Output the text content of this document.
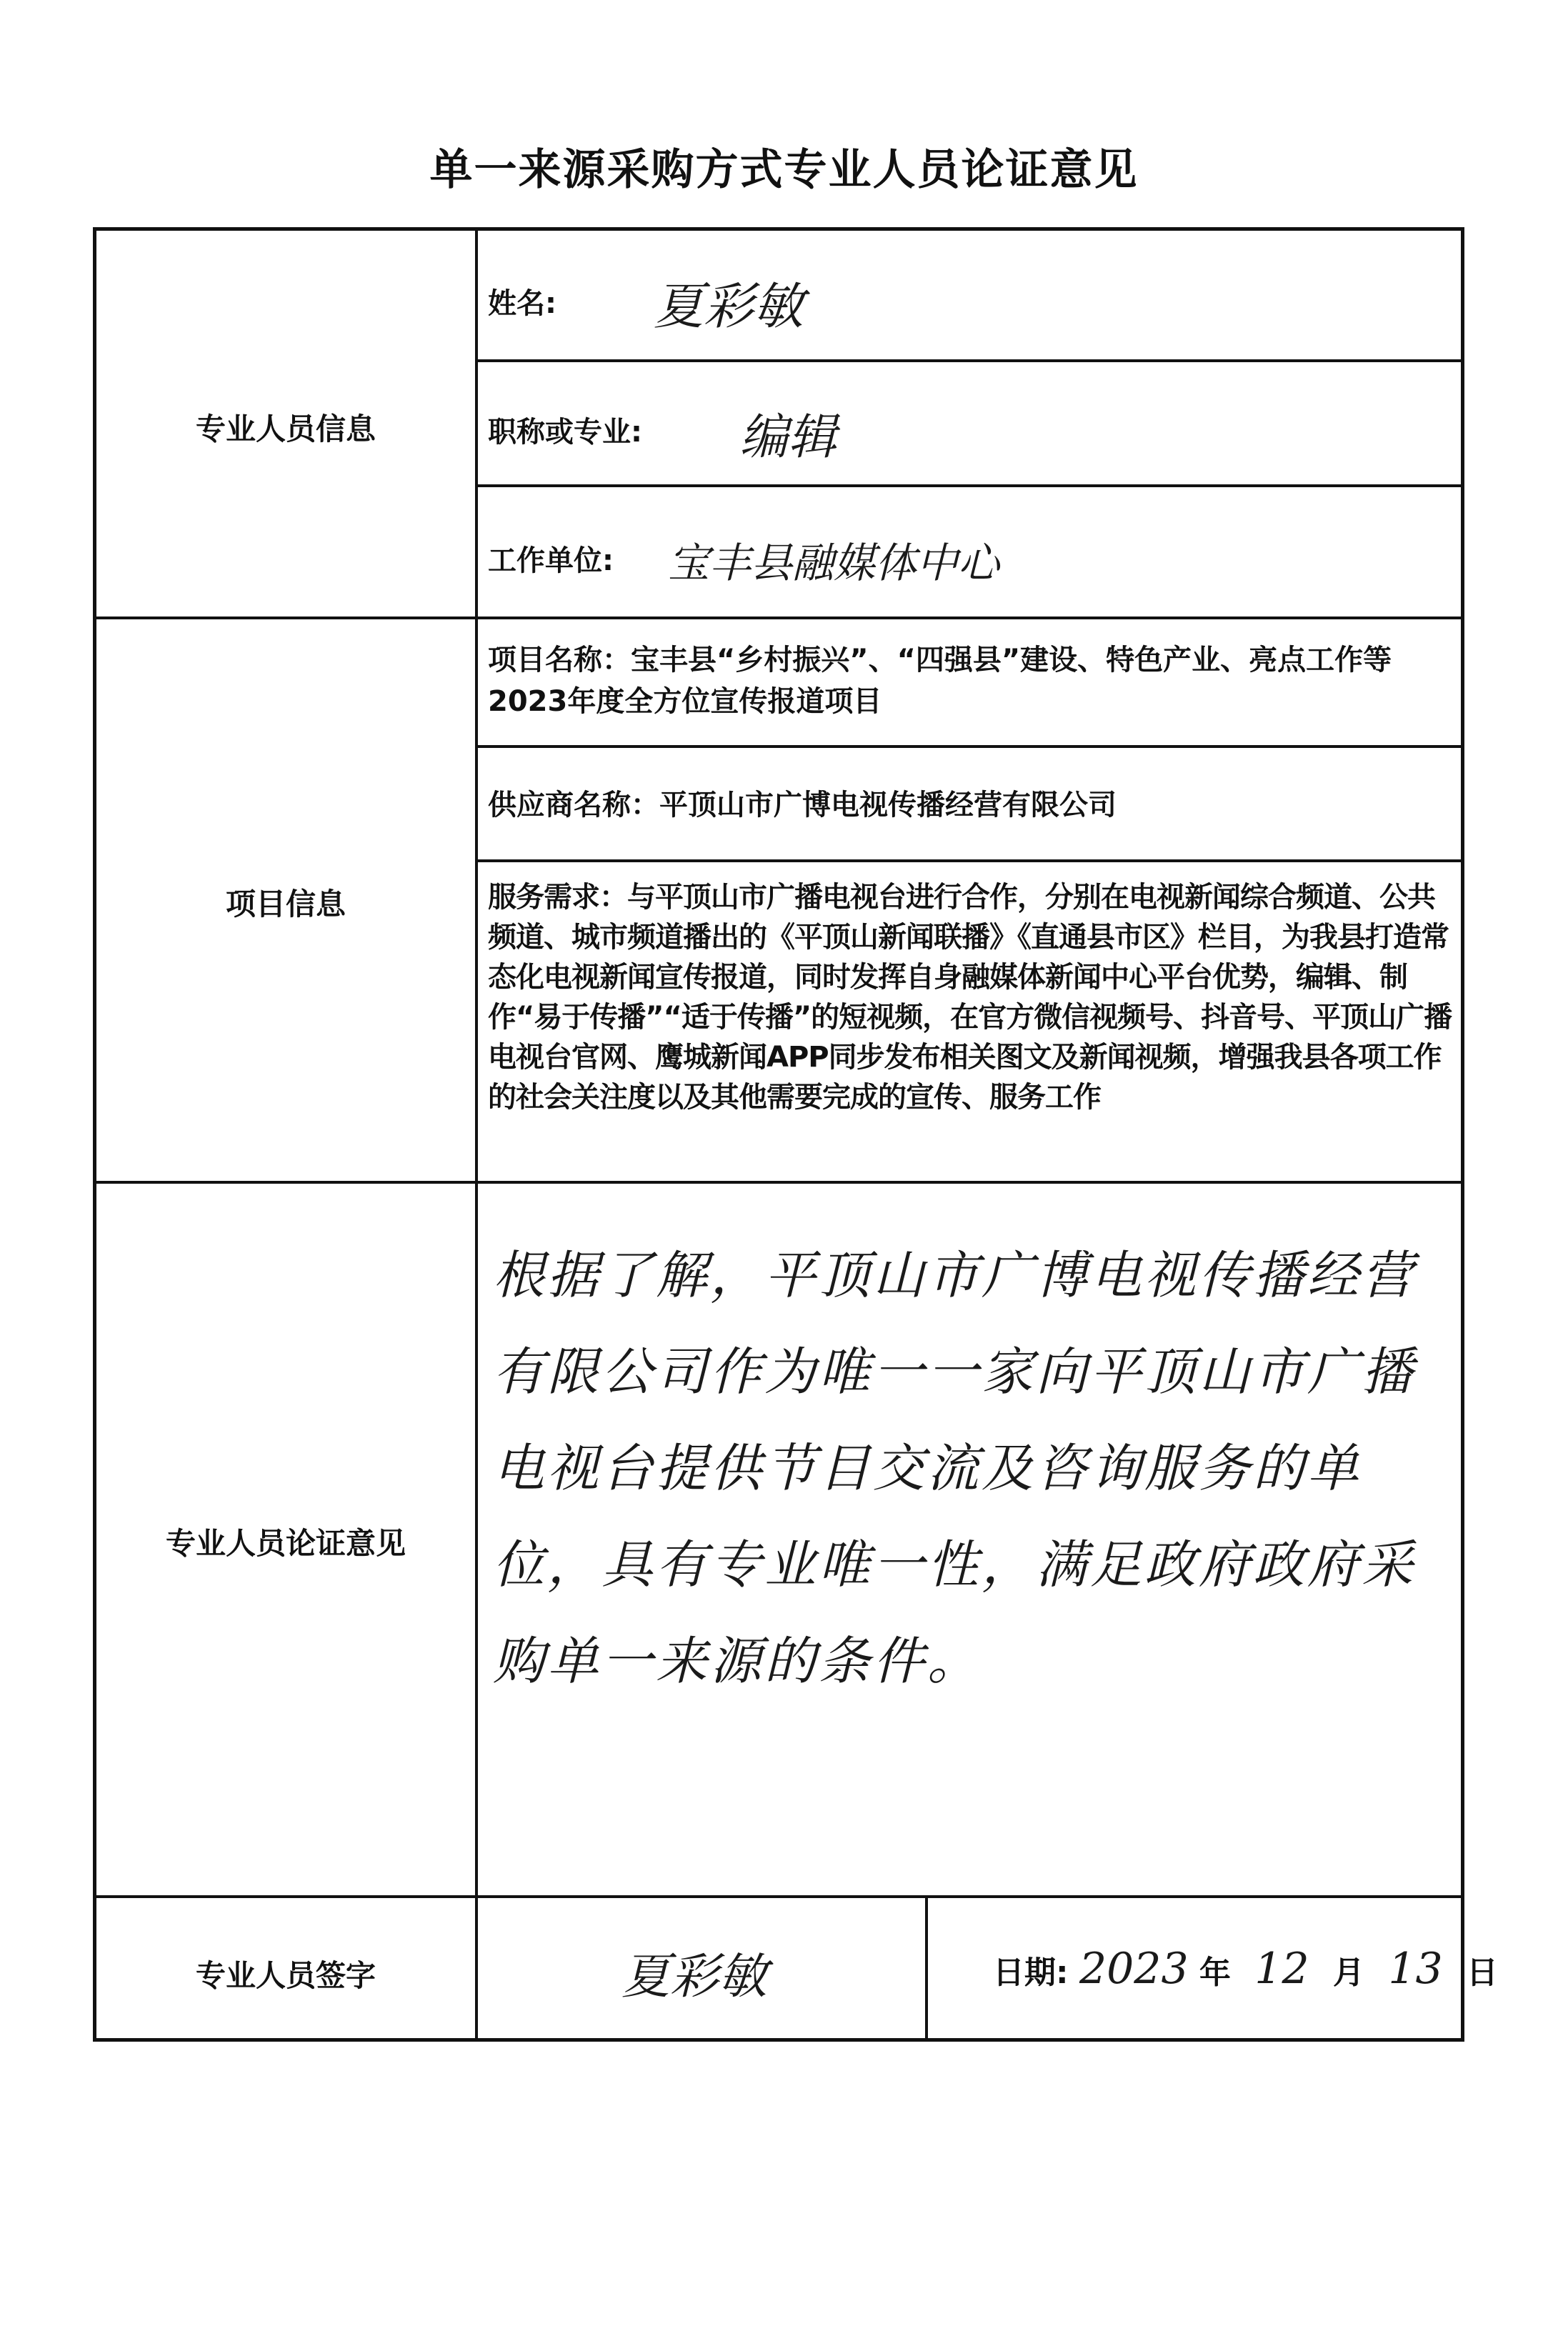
单一来源采购方式专业人员论证意见
专业人员信息
项目信息
专业人员论证意见
专业人员签字
姓名: 夏彩敏
职称或专业: 编辑
工作单位: 宝丰县融媒体中心
项目名称：宝丰县“乡村振兴”、“四强县”建设、特色产业、亮点工作等2023年度全方位宣传报道项目
供应商名称：平顶山市广博电视传播经营有限公司
服务需求：与平顶山市广播电视台进行合作，分别在电视新闻综合频道、公共频道、城市频道播出的《平顶山新闻联播》《直通县市区》栏目，为我县打造常态化电视新闻宣传报道，同时发挥自身融媒体新闻中心平台优势，编辑、制作“易于传播”“适于传播”的短视频，在官方微信视频号、抖音号、平顶山广播电视台官网、鹰城新闻APP同步发布相关图文及新闻视频，增强我县各项工作的社会关注度以及其他需要完成的宣传、服务工作
根据了解，平顶山市广博电视传播经营有限公司作为唯一一家向平顶山市广播电视台提供节目交流及咨询服务的单位，具有专业唯一性，满足政府政府采购单一来源的条件。
夏彩敏	日期: 2023 年 12 月 13 日
